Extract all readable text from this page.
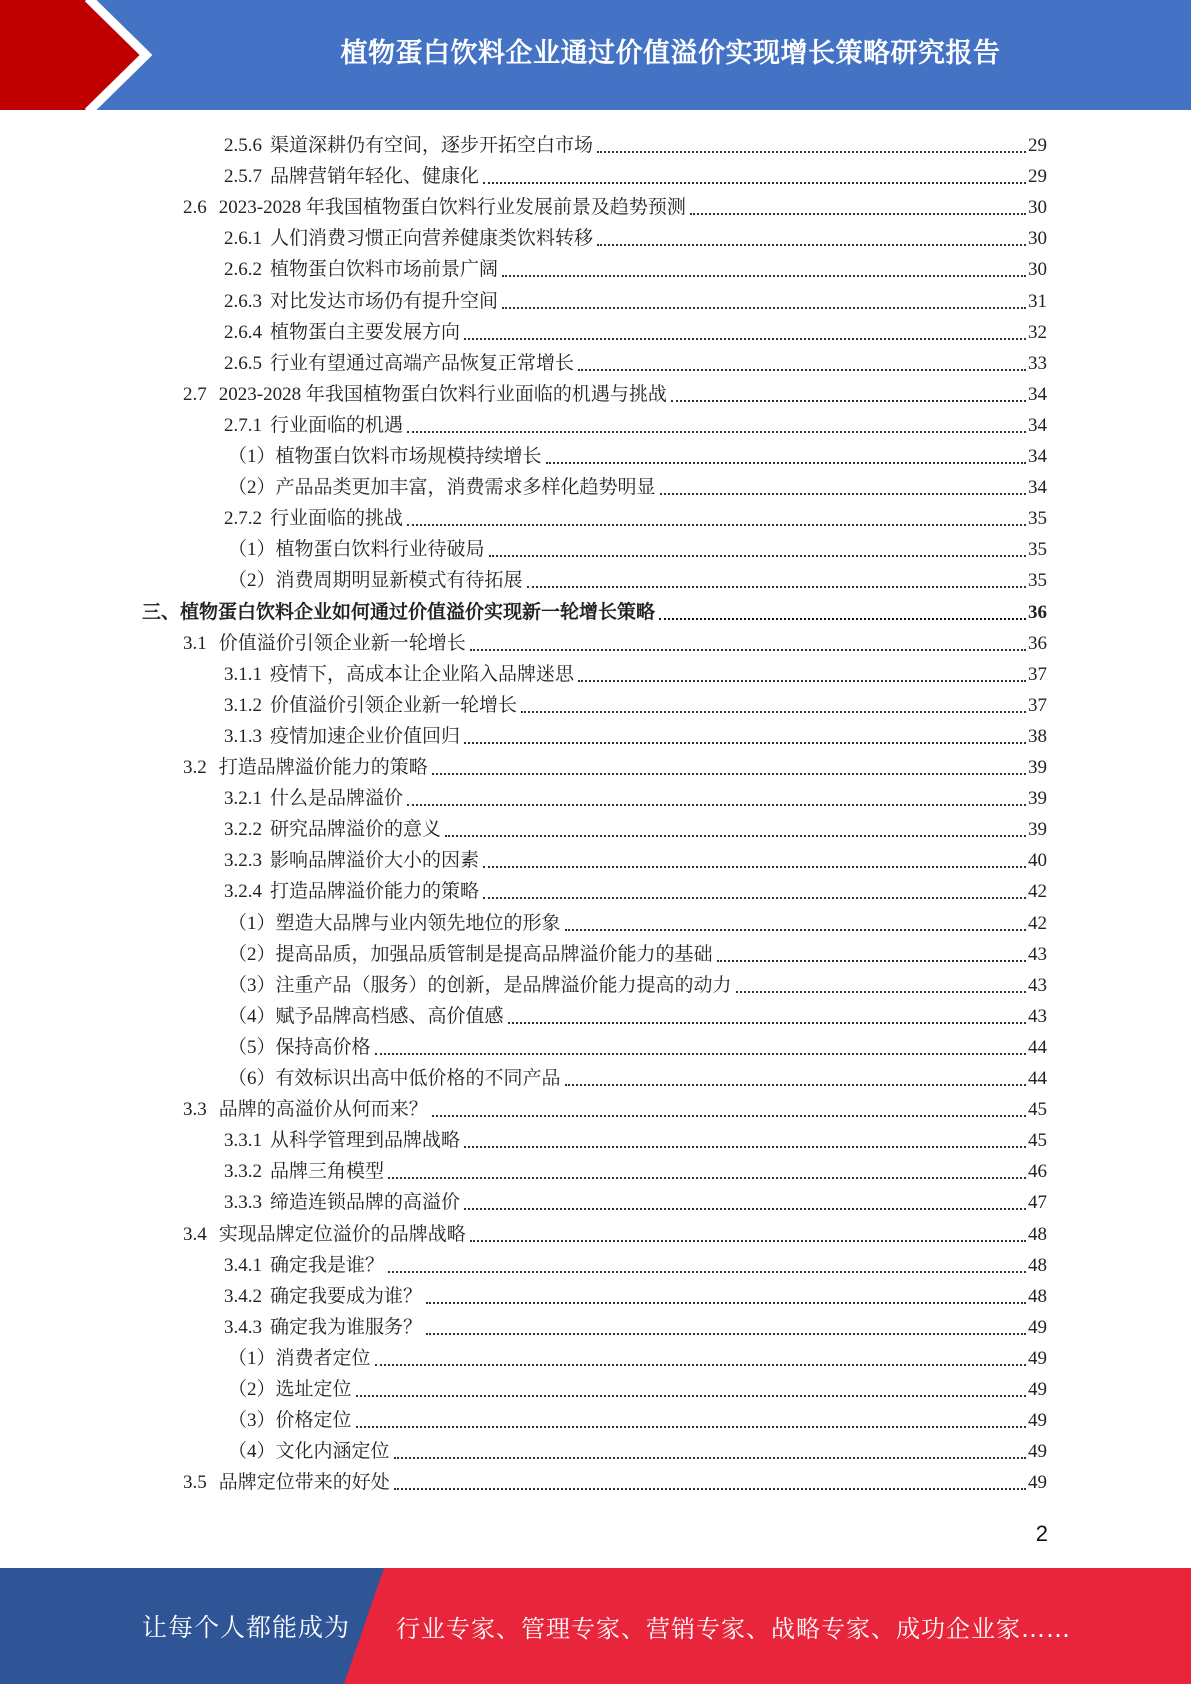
植物蛋白饮料企业通过价值溢价实现增长策略研究报告
2.5.6 渠道深耕仍有空间，逐步开拓空白市场	29
2.5.7 品牌营销年轻化、健康化	29
2.6 2023-2028 年我国植物蛋白饮料行业发展前景及趋势预测	30
2.6.1 人们消费习惯正向营养健康类饮料转移	30
2.6.2 植物蛋白饮料市场前景广阔	30
2.6.3 对比发达市场仍有提升空间	31
2.6.4 植物蛋白主要发展方向	32
2.6.5 行业有望通过高端产品恢复正常增长	33
2.7 2023-2028 年我国植物蛋白饮料行业面临的机遇与挑战	34
2.7.1 行业面临的机遇	34
（1） 植物蛋白饮料市场规模持续增长	34
（2） 产品品类更加丰富，消费需求多样化趋势明显	34
2.7.2 行业面临的挑战	35
（1） 植物蛋白饮料行业待破局	35
（2） 消费周期明显新模式有待拓展	35
三、 植物蛋白饮料企业如何通过价值溢价实现新一轮增长策略	36
3.1 价值溢价引领企业新一轮增长	36
3.1.1 疫情下，高成本让企业陷入品牌迷思	37
3.1.2 价值溢价引领企业新一轮增长	37
3.1.3 疫情加速企业价值回归	38
3.2 打造品牌溢价能力的策略	39
3.2.1 什么是品牌溢价	39
3.2.2 研究品牌溢价的意义	39
3.2.3 影响品牌溢价大小的因素	40
3.2.4 打造品牌溢价能力的策略	42
（1） 塑造大品牌与业内领先地位的形象	42
（2） 提高品质，加强品质管制是提高品牌溢价能力的基础	43
（3） 注重产品（服务）的创新，是品牌溢价能力提高的动力	43
（4） 赋予品牌高档感、高价值感	43
（5） 保持高价格	44
（6） 有效标识出高中低价格的不同产品	44
3.3 品牌的高溢价从何而来？	45
3.3.1 从科学管理到品牌战略	45
3.3.2 品牌三角模型	46
3.3.3 缔造连锁品牌的高溢价	47
3.4 实现品牌定位溢价的品牌战略	48
3.4.1 确定我是谁？	48
3.4.2 确定我要成为谁？	48
3.4.3 确定我为谁服务？	49
（1） 消费者定位	49
（2） 选址定位	49
（3） 价格定位	49
（4） 文化内涵定位	49
3.5 品牌定位带来的好处	49
2
让每个人都能成为 行业专家、管理专家、营销专家、战略专家、成功企业家……
